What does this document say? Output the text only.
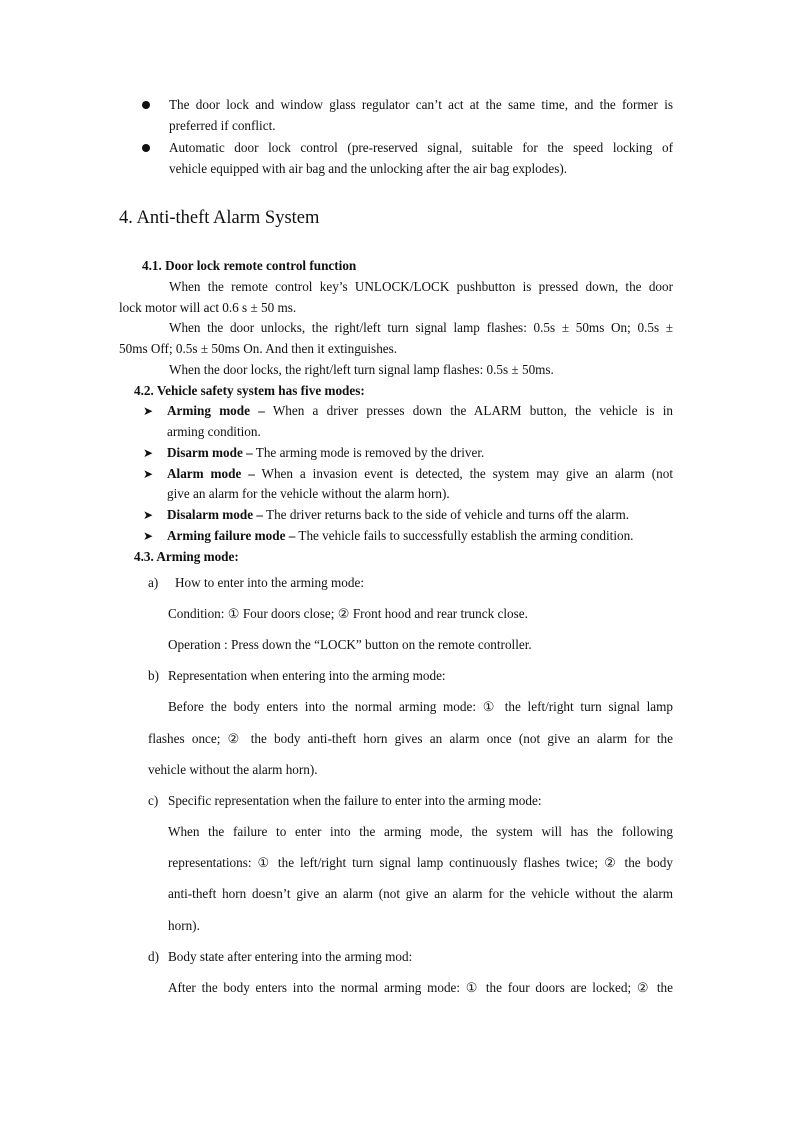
The door lock and window glass regulator can’t act at the same time, and the former is
preferred if conflict.
Automatic door lock control (pre-reserved signal, suitable for the speed locking of
vehicle equipped with air bag and the unlocking after the air bag explodes).
4. Anti-theft Alarm System
4.1. Door lock remote control function
When the remote control key’s UNLOCK/LOCK pushbutton is pressed down, the door
lock motor will act 0.6 s ± 50 ms.
When the door unlocks, the right/left turn signal lamp flashes: 0.5s ± 50ms On; 0.5s ±
50ms Off; 0.5s ± 50ms On. And then it extinguishes.
When the door locks, the right/left turn signal lamp flashes: 0.5s ± 50ms.
4.2. Vehicle safety system has five modes:
➤ Arming mode – When a driver presses down the ALARM button, the vehicle is in
arming condition.
➤ Disarm mode – The arming mode is removed by the driver.
➤ Alarm mode – When a invasion event is detected, the system may give an alarm (not
give an alarm for the vehicle without the alarm horn).
➤ Disalarm mode – The driver returns back to the side of vehicle and turns off the alarm.
➤ Arming failure mode – The vehicle fails to successfully establish the arming condition.
4.3. Arming mode:
a) How to enter into the arming mode:
Condition: ① Four doors close; ② Front hood and rear trunck close.
Operation : Press down the “LOCK” button on the remote controller.
b) Representation when entering into the arming mode:
Before the body enters into the normal arming mode: ① the left/right turn signal lamp
flashes once; ② the body anti-theft horn gives an alarm once (not give an alarm for the
vehicle without the alarm horn).
c) Specific representation when the failure to enter into the arming mode:
When the failure to enter into the arming mode, the system will has the following
representations: ① the left/right turn signal lamp continuously flashes twice; ② the body
anti-theft horn doesn’t give an alarm (not give an alarm for the vehicle without the alarm
horn).
d) Body state after entering into the arming mod:
After the body enters into the normal arming mode: ① the four doors are locked; ② the
